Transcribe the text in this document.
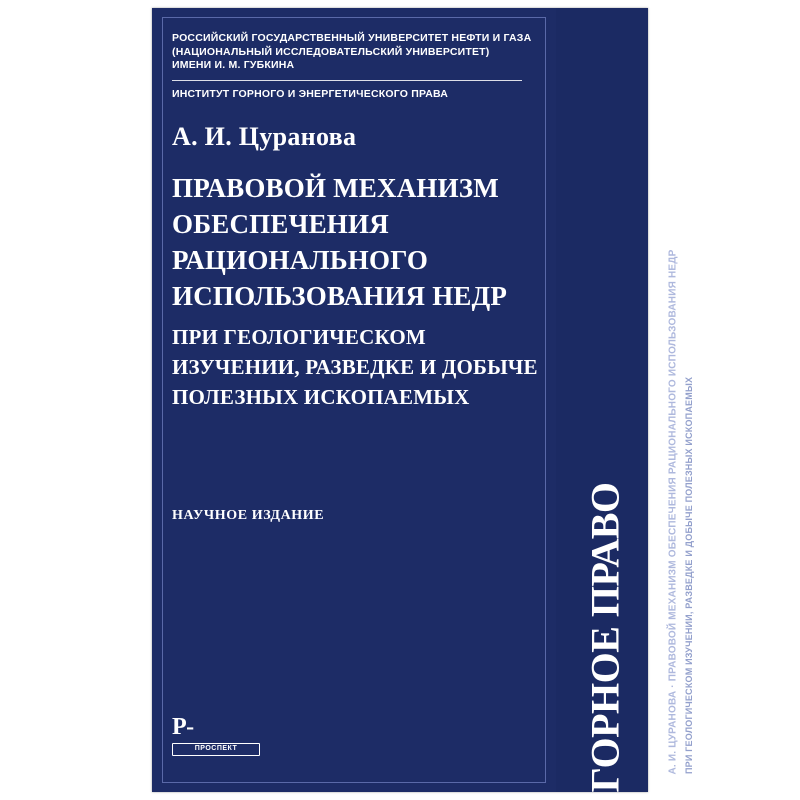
РОССИЙСКИЙ ГОСУДАРСТВЕННЫЙ УНИВЕРСИТЕТ НЕФТИ И ГАЗА
(НАЦИОНАЛЬНЫЙ ИССЛЕДОВАТЕЛЬСКИЙ УНИВЕРСИТЕТ)
ИМЕНИ И. М. ГУБКИНА
ИНСТИТУТ ГОРНОГО И ЭНЕРГЕТИЧЕСКОГО ПРАВА
А. И. Цуранова
ПРАВОВОЙ МЕХАНИЗМ ОБЕСПЕЧЕНИЯ РАЦИОНАЛЬНОГО ИСПОЛЬЗОВАНИЯ НЕДР
ПРИ ГЕОЛОГИЧЕСКОМ ИЗУЧЕНИИ, РАЗВЕДКЕ И ДОБЫЧЕ ПОЛЕЗНЫХ ИСКОПАЕМЫХ
НАУЧНОЕ ИЗДАНИЕ
Р-
ПРОСПЕКТ	ГОРНОЕ ПРАВО	А. И. ЦУРАНОВА · ПРАВОВОЙ МЕХАНИЗМ ОБЕСПЕЧЕНИЯ РАЦИОНАЛЬНОГО ИСПОЛЬЗОВАНИЯ НЕДР ПРИ ГЕОЛОГИЧЕСКОМ ИЗУЧЕНИИ, РАЗВЕДКЕ И ДОБЫЧЕ ПОЛЕЗНЫХ ИСКОПАЕМЫХ
